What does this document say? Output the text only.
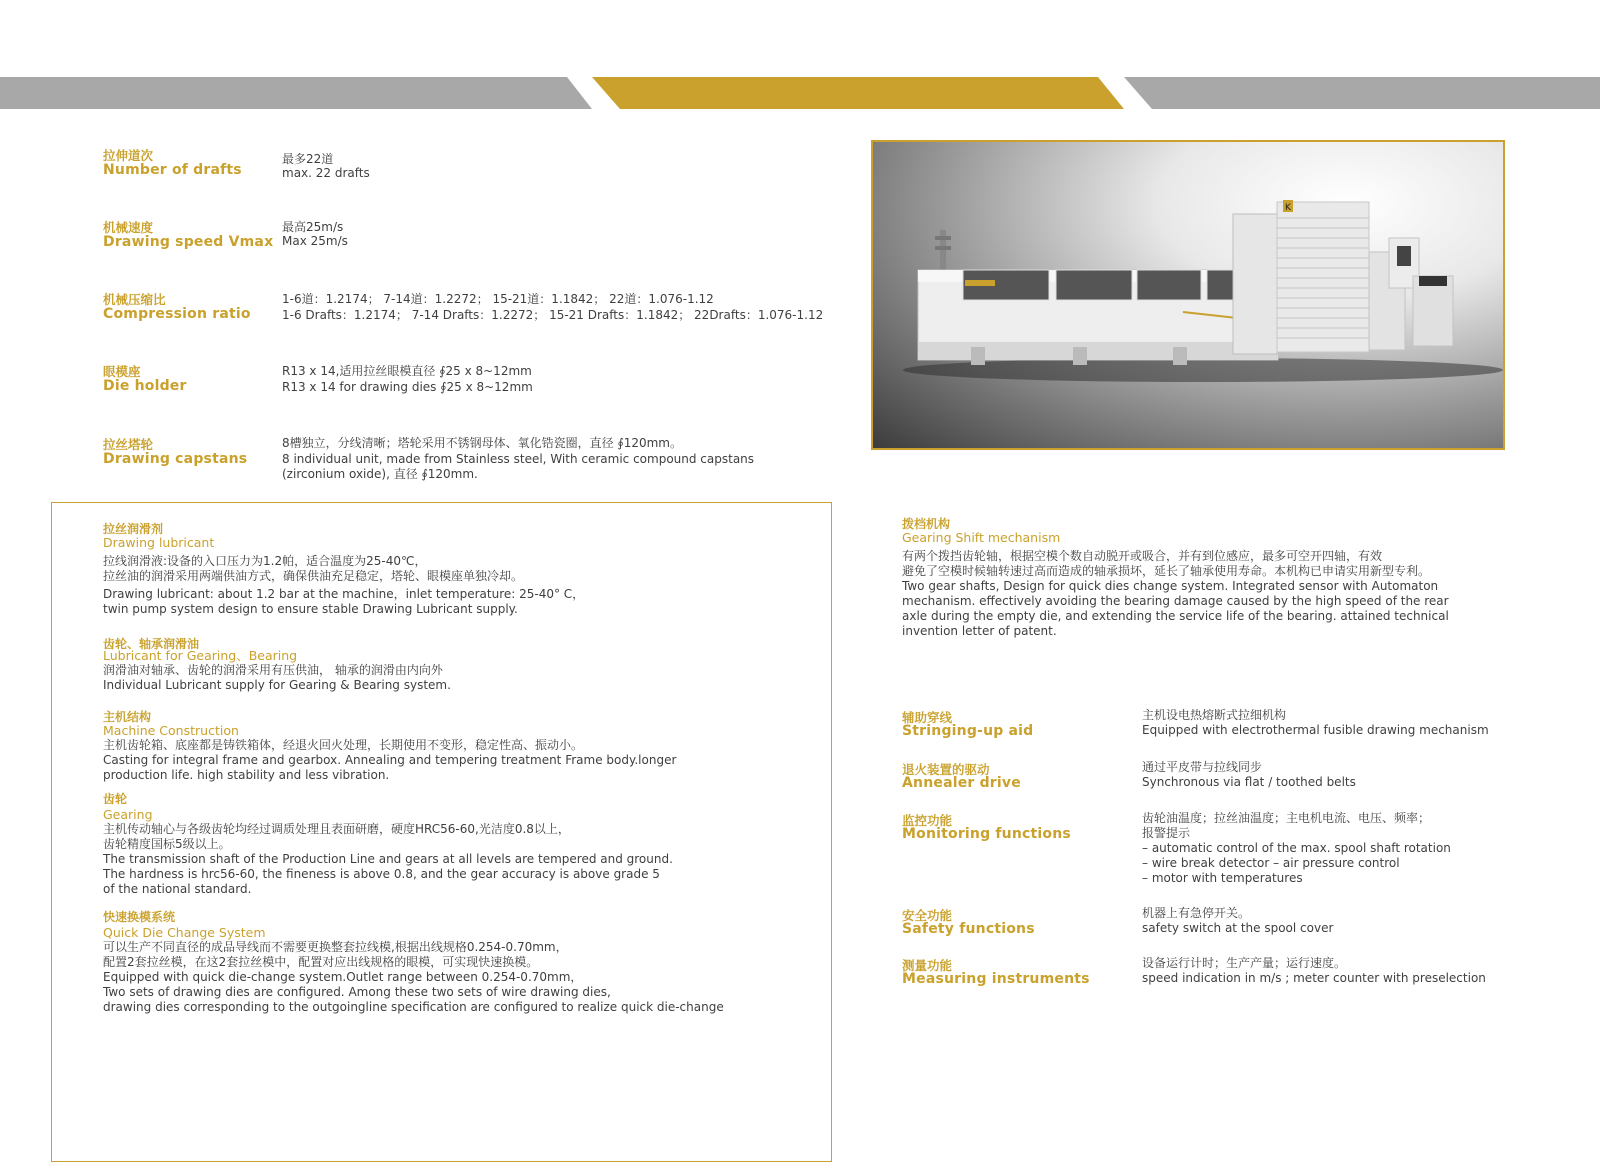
拉伸道次
Number of drafts
最多22道
max. 22 drafts
机械速度
Drawing speed Vmax
最高25m/s
Max 25m/s
机械压缩比
Compression ratio
1-6道：1.2174； 7-14道：1.2272； 15-21道：1.1842； 22道：1.076-1.12
1-6 Drafts：1.2174； 7-14 Drafts：1.2272； 15-21 Drafts：1.1842； 22Drafts：1.076-1.12
眼模座
Die holder
R13 x 14,适用拉丝眼模直径 ∮25 x 8~12mm
R13 x 14 for drawing dies ∮25 x 8~12mm
拉丝塔轮
Drawing capstans
8槽独立，分线清晰；塔轮采用不锈钢母体、氧化锆瓷圈，直径 ∮120mm。
8 individual unit, made from Stainless steel, With ceramic compound capstans
(zirconium oxide), 直径 ∮120mm.
K
拉丝润滑剂
Drawing lubricant
拉线润滑液:设备的入口压力为1.2帕，适合温度为25-40℃，
拉丝油的润滑采用两端供油方式，确保供油充足稳定，塔轮、眼模座单独冷却。
Drawing lubricant: about 1.2 bar at the machine，inlet temperature: 25-40° C，
twin pump system design to ensure stable Drawing Lubricant supply.
齿轮、轴承润滑油
Lubricant for Gearing、Bearing
润滑油对轴承、齿轮的润滑采用有压供油， 轴承的润滑由内向外
Individual Lubricant supply for Gearing & Bearing system.
主机结构
Machine Construction
主机齿轮箱、底座都是铸铁箱体，经退火回火处理，长期使用不变形，稳定性高、振动小。
Casting for integral frame and gearbox. Annealing and tempering treatment Frame body.longer
production life. high stability and less vibration.
齿轮
Gearing
主机传动轴心与各级齿轮均经过调质处理且表面研磨，硬度HRC56-60,光洁度0.8以上，
齿轮精度国标5级以上。
The transmission shaft of the Production Line and gears at all levels are tempered and ground.
The hardness is hrc56-60, the fineness is above 0.8, and the gear accuracy is above grade 5
of the national standard.
快速换模系统
Quick Die Change System
可以生产不同直径的成品导线而不需要更换整套拉线模,根据出线规格0.254-0.70mm，
配置2套拉丝模，在这2套拉丝模中，配置对应出线规格的眼模，可实现快速换模。
Equipped with quick die-change system.Outlet range between 0.254-0.70mm，
Two sets of drawing dies are configured. Among these two sets of wire drawing dies,
drawing dies corresponding to the outgoingline specification are configured to realize quick die-change
拨档机构
Gearing Shift mechanism
有两个拨挡齿轮轴，根据空模个数自动脱开或吸合，并有到位感应，最多可空开四轴，有效
避免了空模时候轴转速过高而造成的轴承损坏，延长了轴承使用寿命。本机构已申请实用新型专利。
Two gear shafts, Design for quick dies change system. Integrated sensor with Automaton
mechanism. effectively avoiding the bearing damage caused by the high speed of the rear
axle during the empty die, and extending the service life of the bearing. attained technical
invention letter of patent.
辅助穿线
Stringing-up aid
主机设电热熔断式拉细机构
Equipped with electrothermal fusible drawing mechanism
退火装置的驱动
Annealer drive
通过平皮带与拉线同步
Synchronous via flat / toothed belts
监控功能
Monitoring functions
齿轮油温度；拉丝油温度；主电机电流、电压、频率；
报警提示
– automatic control of the max. spool shaft rotation
– wire break detector – air pressure control
– motor with temperatures
安全功能
Safety functions
机器上有急停开关。
safety switch at the spool cover
测量功能
Measuring instruments
设备运行计时；生产产量；运行速度。
speed indication in m/s ; meter counter with preselection
